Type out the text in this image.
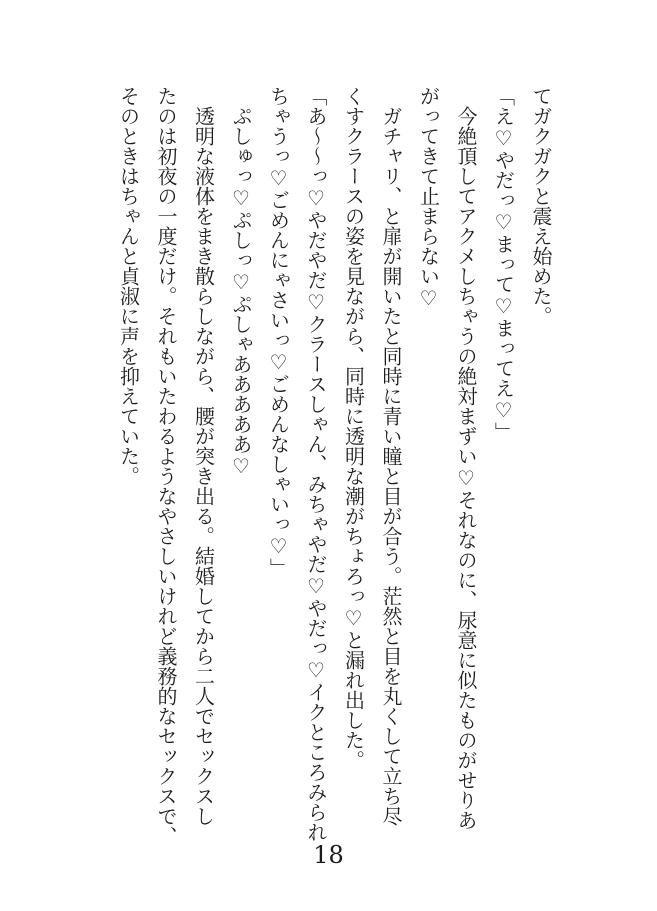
てガクガクと震え始めた。

「え♡やだっ♡まって♡まってえ♡」

今絶頂してアクメしちゃうの絶対まずい♡それなのに、尿意に似たものがせりあ

がってきて止まらない♡

ガチャリ、と扉が開いたと同時に青い瞳と目が合う。茫然と目を丸くして立ち尽

くすクラースの姿を見ながら、同時に透明な潮がちょろっ♡と漏れ出した。

「あ～～っ♡やだやだ♡クラースしゃん、みちゃやだ♡やだっ♡イクところみられ

ちゃうっ♡ごめんにゃさいっ♡ごめんなしゃいっ♡」

ぷしゅっ♡ぷしっ♡ぷしゃあああああ♡

透明な液体をまき散らしながら、腰が突き出る。結婚してから二人でセックスし

たのは初夜の一度だけ。それもいたわるようなやさしいけれど義務的なセックスで、

そのときはちゃんと貞淑に声を抑えていた。

18
